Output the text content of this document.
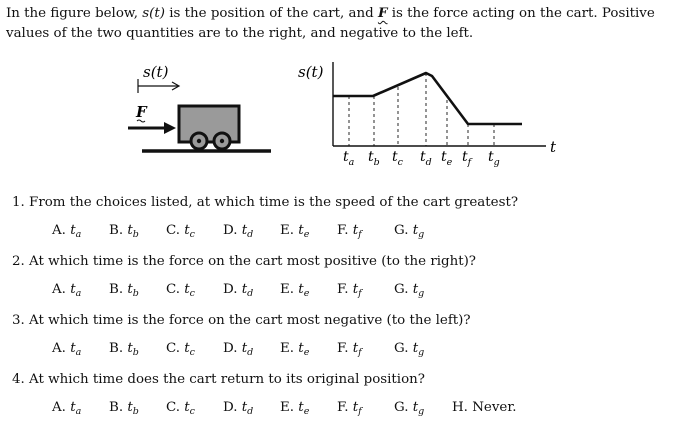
In the figure below, s(t) is the position of the cart, and F is the force acting on the cart. Positive

values of the two quantities are to the right, and negative to the left.

s(t)
F
s(t)
t
$t_a$ $t_b$ $t_c$ $t_d$ $t_e$ $t_f$ $t_g$
1. From the choices listed, at which time is the speed of the cart greatest?
A. $t_a$ B. $t_b$ C. $t_c$ D. $t_d$ E. $t_e$ F. $t_f$ G. $t_g$
2. At which time is the force on the cart most positive (to the right)?
A. $t_a$ B. $t_b$ C. $t_c$ D. $t_d$ E. $t_e$ F. $t_f$ G. $t_g$
3. At which time is the force on the cart most negative (to the left)?
A. $t_a$ B. $t_b$ C. $t_c$ D. $t_d$ E. $t_e$ F. $t_f$ G. $t_g$
4. At which time does the cart return to its original position?
A. $t_a$ B. $t_b$ C. $t_c$ D. $t_d$ E. $t_e$ F. $t_f$ G. $t_g$ H. Never.
